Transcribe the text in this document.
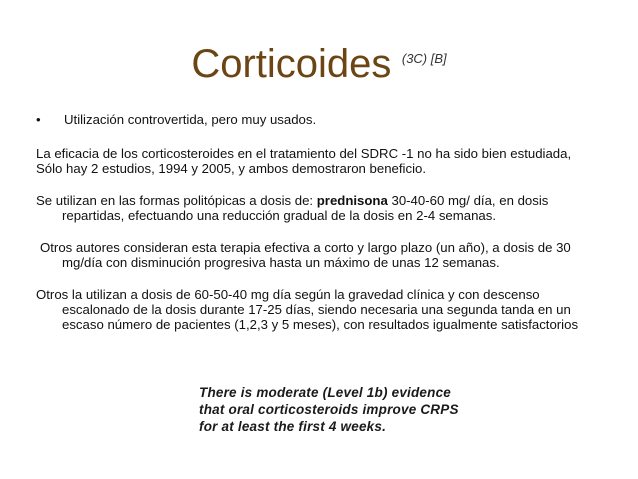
Corticoides $^{(3C) [B]}$
•	Utilización controvertida, pero muy usados.

La eficacia de los corticosteroides en el tratamiento del SDRC -1 no ha sido bien estudiada,
Sólo hay 2 estudios, 1994 y 2005, y ambos demostraron beneficio.

Se utilizan en las formas politópicas a dosis de: prednisona 30-40-60 mg/ día, en dosis repartidas, efectuando una reducción gradual de la dosis en 2-4 semanas.

Otros autores consideran esta terapia efectiva a corto y largo plazo (un año), a dosis de 30 mg/día con disminución progresiva hasta un máximo de unas 12 semanas.

Otros la utilizan a dosis de 60-50-40 mg día según la gravedad clínica y con descenso escalonado de la dosis durante 17-25 días, siendo necesaria una segunda tanda en un escaso número de pacientes (1,2,3 y 5 meses), con resultados igualmente satisfactorios

There is moderate (Level 1b) evidence
that oral corticosteroids improve CRPS
for at least the first 4 weeks.
